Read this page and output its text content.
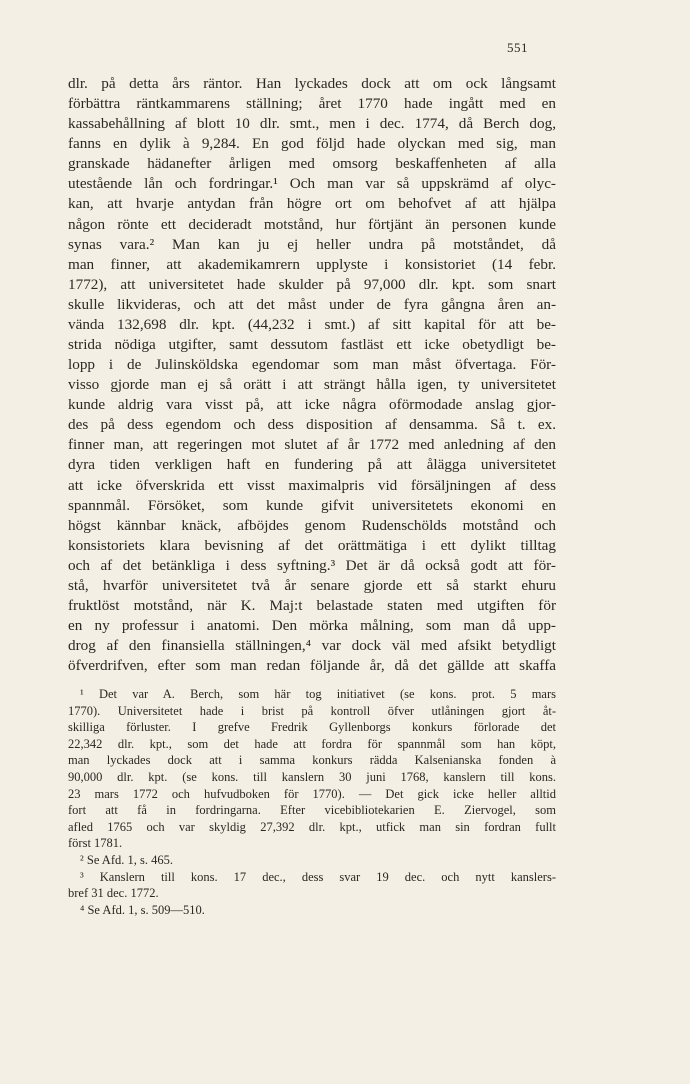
551
dlr. på detta års räntor. Han lyckades dock att om ock långsamt
förbättra räntkammarens ställning; året 1770 hade ingått med en
kassabehållning af blott 10 dlr. smt., men i dec. 1774, då Berch dog,
fanns en dylik à 9,284. En god följd hade olyckan med sig, man
granskade hädanefter årligen med omsorg beskaffenheten af alla
utestående lån och fordringar.¹ Och man var så uppskrämd af olyc-
kan, att hvarje antydan från högre ort om behofvet af att hjälpa
någon rönte ett decideradt motstånd, hur förtjänt än personen kunde
synas vara.² Man kan ju ej heller undra på motståndet, då
man finner, att akademikamrern upplyste i konsistoriet (14 febr.
1772), att universitetet hade skulder på 97,000 dlr. kpt. som snart
skulle likvideras, och att det måst under de fyra gångna åren an-
vända 132,698 dlr. kpt. (44,232 i smt.) af sitt kapital för att be-
strida nödiga utgifter, samt dessutom fastläst ett icke obetydligt be-
lopp i de Julinsköldska egendomar som man måst öfvertaga. För-
visso gjorde man ej så orätt i att strängt hålla igen, ty universitetet
kunde aldrig vara visst på, att icke några oförmodade anslag gjor-
des på dess egendom och dess disposition af densamma. Så t. ex.
finner man, att regeringen mot slutet af år 1772 med anledning af den
dyra tiden verkligen haft en fundering på att ålägga universitetet
att icke öfverskrida ett visst maximalpris vid försäljningen af dess
spannmål. Försöket, som kunde gifvit universitetets ekonomi en
högst kännbar knäck, afböjdes genom Rudenschölds motstånd och
konsistoriets klara bevisning af det orättmätiga i ett dylikt tilltag
och af det betänkliga i dess syftning.³ Det är då också godt att för-
stå, hvarför universitetet två år senare gjorde ett så starkt ehuru
fruktlöst motstånd, när K. Maj:t belastade staten med utgiften för
en ny professur i anatomi. Den mörka målning, som man då upp-
drog af den finansiella ställningen,⁴ var dock väl med afsikt betydligt
öfverdrifven, efter som man redan följande år, då det gällde att skaffa
¹ Det var A. Berch, som här tog initiativet (se kons. prot. 5 mars
1770). Universitetet hade i brist på kontroll öfver utlåningen gjort åt-
skilliga förluster. I grefve Fredrik Gyllenborgs konkurs förlorade det
22,342 dlr. kpt., som det hade att fordra för spannmål som han köpt,
man lyckades dock att i samma konkurs rädda Kalsenianska fonden à
90,000 dlr. kpt. (se kons. till kanslern 30 juni 1768, kanslern till kons.
23 mars 1772 och hufvudboken för 1770). — Det gick icke heller alltid
fort att få in fordringarna. Efter vicebibliotekarien E. Ziervogel, som
afled 1765 och var skyldig 27,392 dlr. kpt., utfick man sin fordran fullt
först 1781.
² Se Afd. 1, s. 465.
³ Kanslern till kons. 17 dec., dess svar 19 dec. och nytt kanslers-
bref 31 dec. 1772.
⁴ Se Afd. 1, s. 509—510.
